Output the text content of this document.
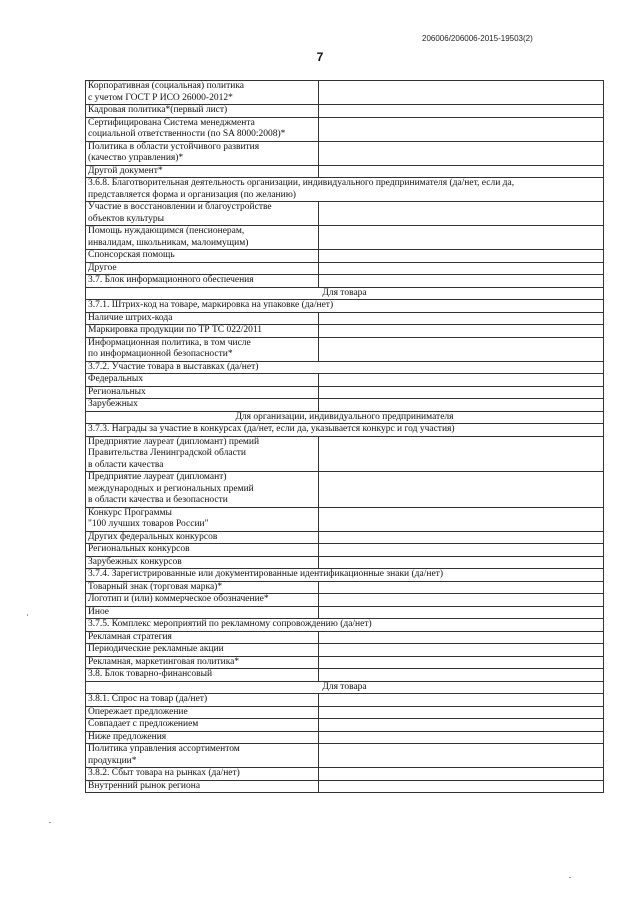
206006/206006-2015-19503(2)
7
Корпоративная (социальная) политика
с учетом ГОСТ Р ИСО 26000-2012*	

Кадровая политика*(первый лист)	

Сертифицирована Система менеджмента
социальной ответственности (по SA 8000:2008)*	

Политика в области устойчивого развития
(качество управления)*	

Другой документ*	

3.6.8. Благотворительная деятельность организации, индивидуального предпринимателя (да/нет, если да,
представляется форма и организация (по желанию)	

Участие в восстановлении и благоустройстве
объектов культуры	

Помощь нуждающимся (пенсионерам,
инвалидам, школьникам, малоимущим)	

Спонсорская помощь	

Другое	

3.7. Блок информационного обеспечения	

Для товара	

3.7.1. Штрих-код на товаре, маркировка на упаковке (да/нет)	

Наличие штрих-кода	

Маркировка продукции по ТР ТС 022/2011	

Информационная политика, в том числе
по информационной безопасности*	

3.7.2. Участие товара в выставках (да/нет)	

Федеральных	

Региональных	

Зарубежных	

Для организации, индивидуального предпринимателя	

3.7.3. Награды за участие в конкурсах (да/нет, если да, указывается конкурс и год участия)	

Предприятие лауреат (дипломант) премий
Правительства Ленинградской области
в области качества	

Предприятие лауреат (дипломант)
международных и региональных премий
в области качества и безопасности	

Конкурс Программы
"100 лучших товаров России"	

Других федеральных конкурсов	

Региональных конкурсов	

Зарубежных конкурсов	

3.7.4. Зарегистрированные или документированные идентификационные знаки (да/нет)	

Товарный знак (торговая марка)*	

Логотип и (или) коммерческое обозначение*	

Иное	

3.7.5. Комплекс мероприятий по рекламному сопровождению (да/нет)	

Рекламная стратегия	

Периодические рекламные акции	

Рекламная, маркетинговая политика*	

3.8. Блок товарно-финансовый	

Для товара	

3.8.1. Спрос на товар (да/нет)	

Опережает предложение	

Совпадает с предложением	

Ниже предложения	

Политика управления ассортиментом
продукции*	

3.8.2. Сбыт товара на рынках (да/нет)	

Внутренний рынок региона	
